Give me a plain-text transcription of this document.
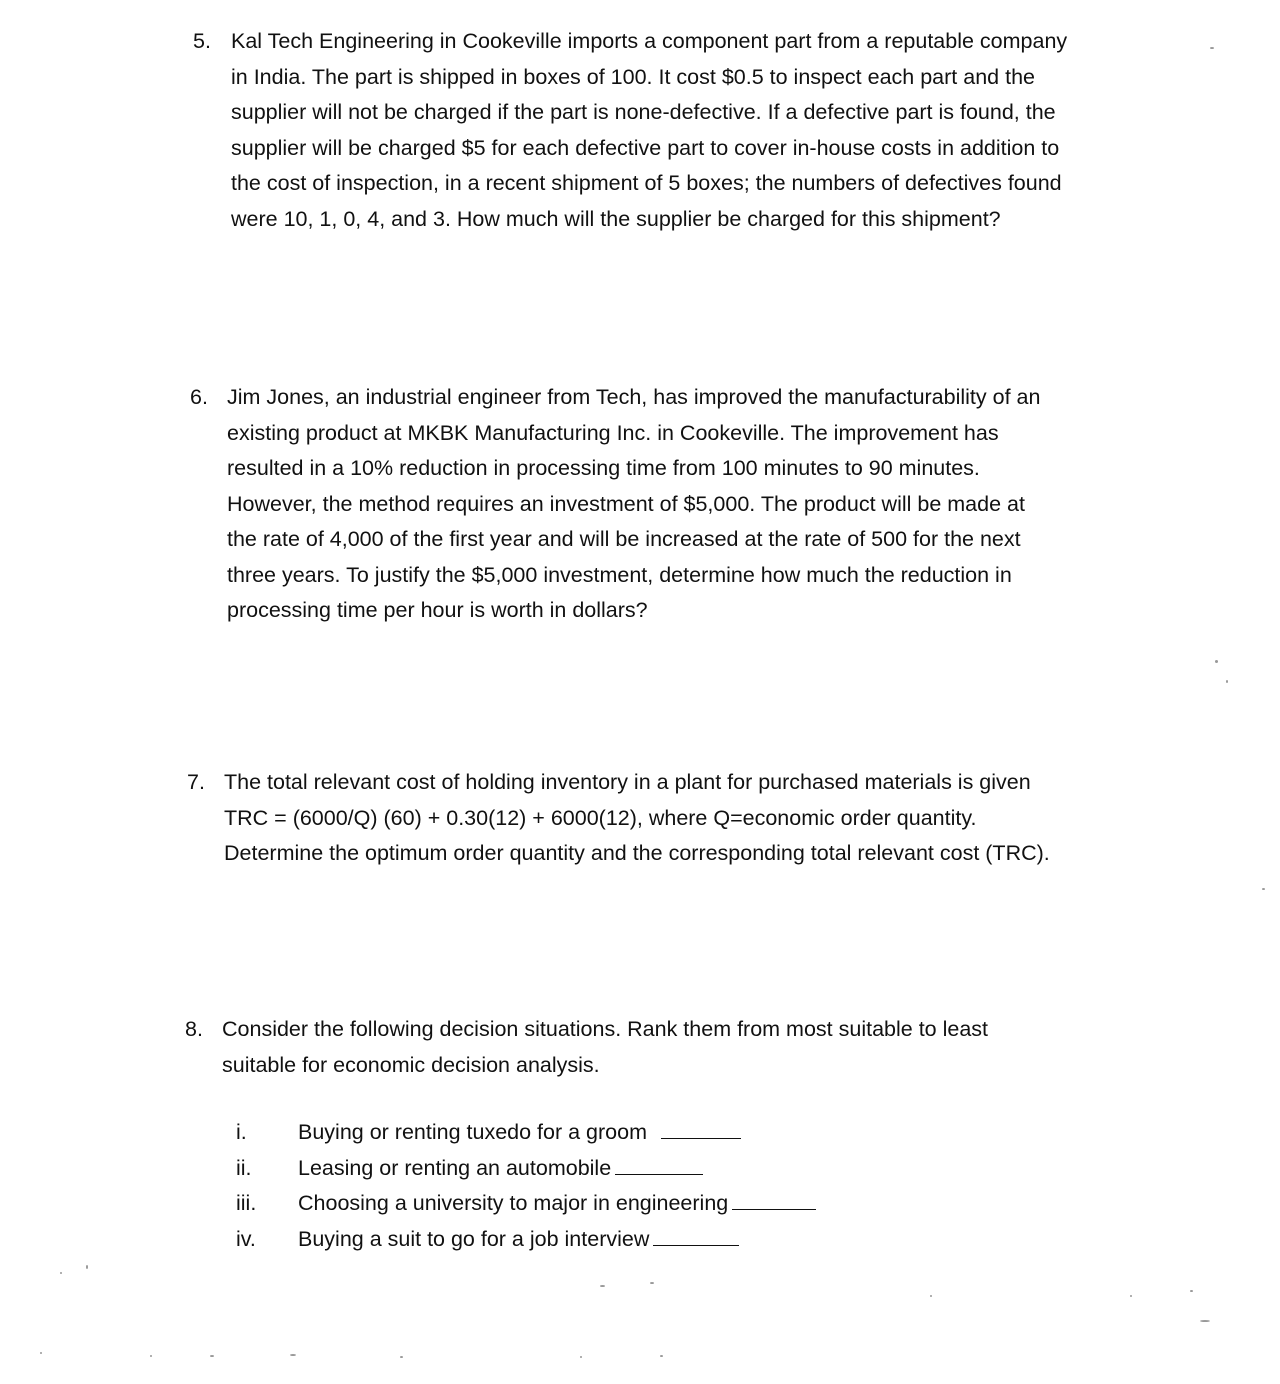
5. Kal Tech Engineering in Cookeville imports a component part from a reputable company
in India. The part is shipped in boxes of 100. It cost $0.5 to inspect each part and the
supplier will not be charged if the part is none-defective. If a defective part is found, the
supplier will be charged $5 for each defective part to cover in-house costs in addition to
the cost of inspection, in a recent shipment of 5 boxes; the numbers of defectives found
were 10, 1, 0, 4, and 3. How much will the supplier be charged for this shipment?
6. Jim Jones, an industrial engineer from Tech, has improved the manufacturability of an
existing product at MKBK Manufacturing Inc. in Cookeville. The improvement has
resulted in a 10% reduction in processing time from 100 minutes to 90 minutes.
However, the method requires an investment of $5,000. The product will be made at
the rate of 4,000 of the first year and will be increased at the rate of 500 for the next
three years. To justify the $5,000 investment, determine how much the reduction in
processing time per hour is worth in dollars?
7. The total relevant cost of holding inventory in a plant for purchased materials is given
TRC = (6000/Q) (60) + 0.30(12) + 6000(12), where Q=economic order quantity.
Determine the optimum order quantity and the corresponding total relevant cost (TRC).
8. Consider the following decision situations. Rank them from most suitable to least
suitable for economic decision analysis.
i.	Buying or renting tuxedo for a groom
ii.	Leasing or renting an automobile
iii.	Choosing a university to major in engineering
iv.	Buying a suit to go for a job interview
